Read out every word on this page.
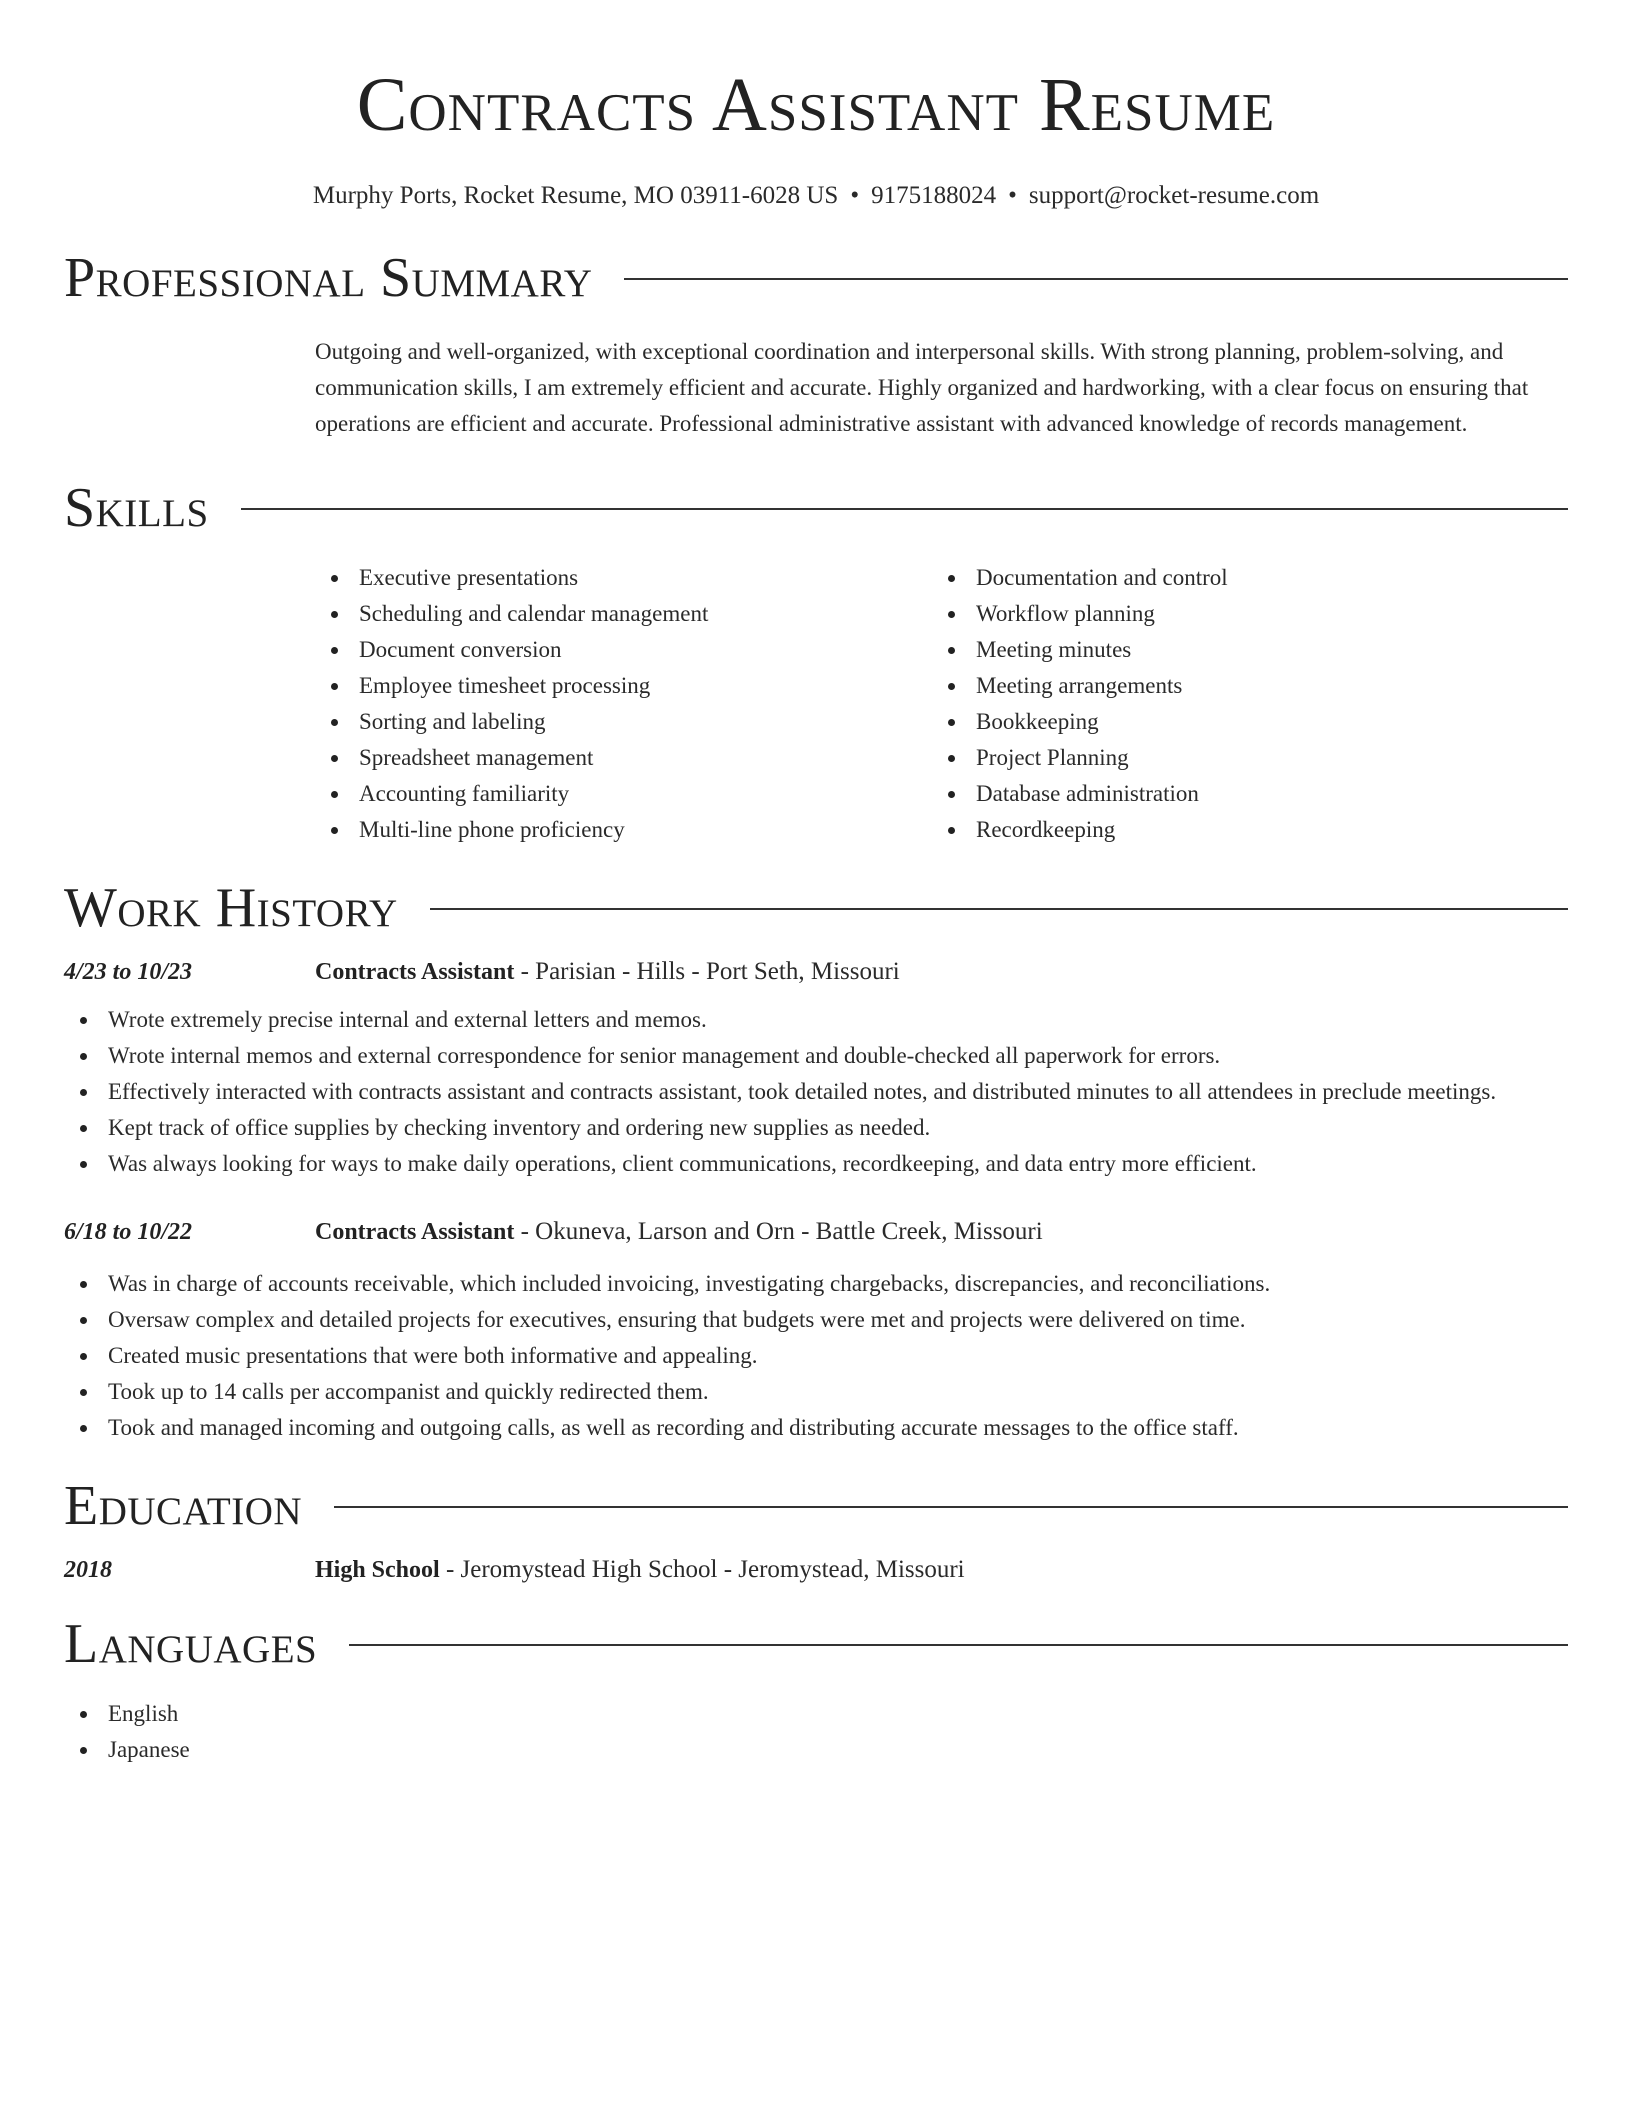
Contracts Assistant Resume
Murphy Ports, Rocket Resume, MO 03911-6028 US • 9175188024 • support@rocket-resume.com
Professional Summary
Outgoing and well-organized, with exceptional coordination and interpersonal skills. With strong planning, problem-solving, and communication skills, I am extremely efficient and accurate. Highly organized and hardworking, with a clear focus on ensuring that operations are efficient and accurate. Professional administrative assistant with advanced knowledge of records management.
Skills
Executive presentations
Scheduling and calendar management
Document conversion
Employee timesheet processing
Sorting and labeling
Spreadsheet management
Accounting familiarity
Multi-line phone proficiency
Documentation and control
Workflow planning
Meeting minutes
Meeting arrangements
Bookkeeping
Project Planning
Database administration
Recordkeeping
Work History
4/23 to 10/23	Contracts Assistant - Parisian - Hills - Port Seth, Missouri
Wrote extremely precise internal and external letters and memos.
Wrote internal memos and external correspondence for senior management and double-checked all paperwork for errors.
Effectively interacted with contracts assistant and contracts assistant, took detailed notes, and distributed minutes to all attendees in preclude meetings.
Kept track of office supplies by checking inventory and ordering new supplies as needed.
Was always looking for ways to make daily operations, client communications, recordkeeping, and data entry more efficient.
6/18 to 10/22	Contracts Assistant - Okuneva, Larson and Orn - Battle Creek, Missouri
Was in charge of accounts receivable, which included invoicing, investigating chargebacks, discrepancies, and reconciliations.
Oversaw complex and detailed projects for executives, ensuring that budgets were met and projects were delivered on time.
Created music presentations that were both informative and appealing.
Took up to 14 calls per accompanist and quickly redirected them.
Took and managed incoming and outgoing calls, as well as recording and distributing accurate messages to the office staff.
Education
2018	High School - Jeromystead High School - Jeromystead, Missouri
Languages
English
Japanese
